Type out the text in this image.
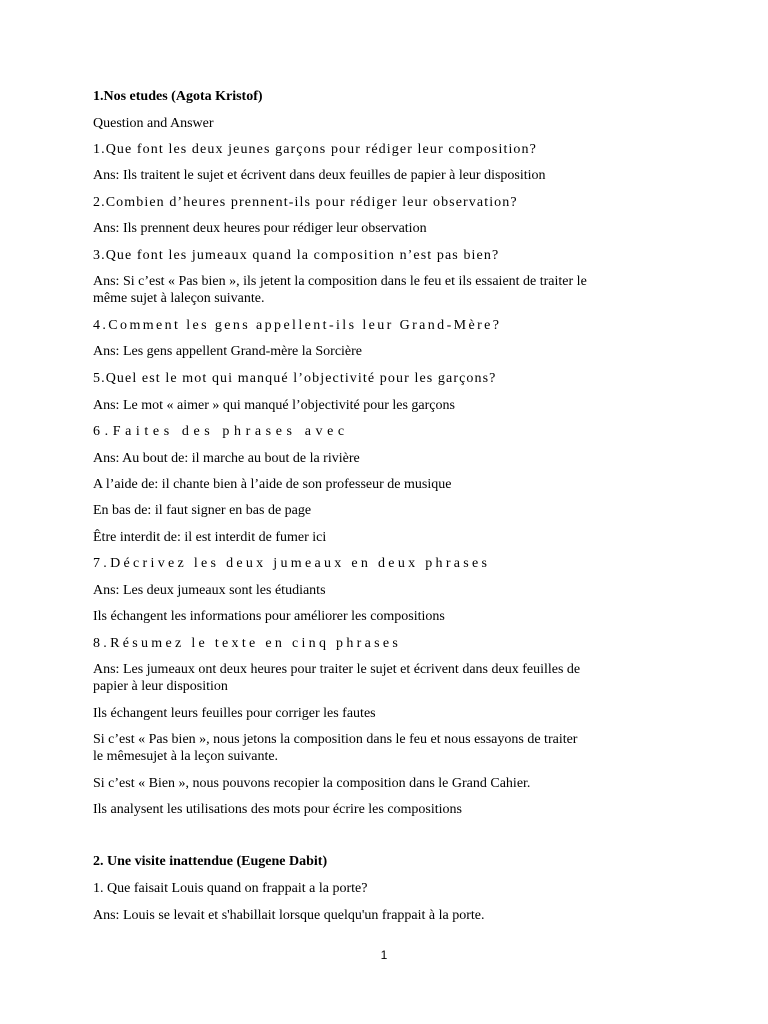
1.Nos etudes (Agota Kristof)

Question and Answer

1.Que font les deux jeunes garçons pour rédiger leur composition?

Ans: Ils traitent le sujet et écrivent dans deux feuilles de papier à leur disposition

2.Combien d’heures prennent-ils pour rédiger leur observation?

Ans: Ils prennent deux heures pour rédiger leur observation

3.Que font les jumeaux quand la composition n’est pas bien?

Ans: Si c’est « Pas bien », ils jetent la composition dans le feu et ils essaient de traiter le

même sujet à laleçon suivante.

4.Comment les gens appellent-ils leur Grand-Mère?

Ans: Les gens appellent Grand-mère la Sorcière

5.Quel est le mot qui manqué l’objectivité pour les garçons?

Ans: Le mot « aimer » qui manqué l’objectivité pour les garçons

6.Faites des phrases avec

Ans: Au bout de: il marche au bout de la rivière

A l’aide de: il chante bien à l’aide de son professeur de musique

En bas de: il faut signer en bas de page

Être interdit de: il est interdit de fumer ici

7.Décrivez les deux jumeaux en deux phrases

Ans: Les deux jumeaux sont les étudiants

Ils échangent les informations pour améliorer les compositions

8.Résumez le texte en cinq phrases

Ans: Les jumeaux ont deux heures pour traiter le sujet et écrivent dans deux feuilles de

papier à leur disposition

Ils échangent leurs feuilles pour corriger les fautes

Si c’est « Pas bien », nous jetons la composition dans le feu et nous essayons de traiter

le mêmesujet à la leçon suivante.

Si c’est « Bien », nous pouvons recopier la composition dans le Grand Cahier.

Ils analysent les utilisations des mots pour écrire les compositions

2. Une visite inattendue (Eugene Dabit)

1. Que faisait Louis quand on frappait a la porte?

Ans: Louis se levait et s'habillait lorsque quelqu'un frappait à la porte.

1
